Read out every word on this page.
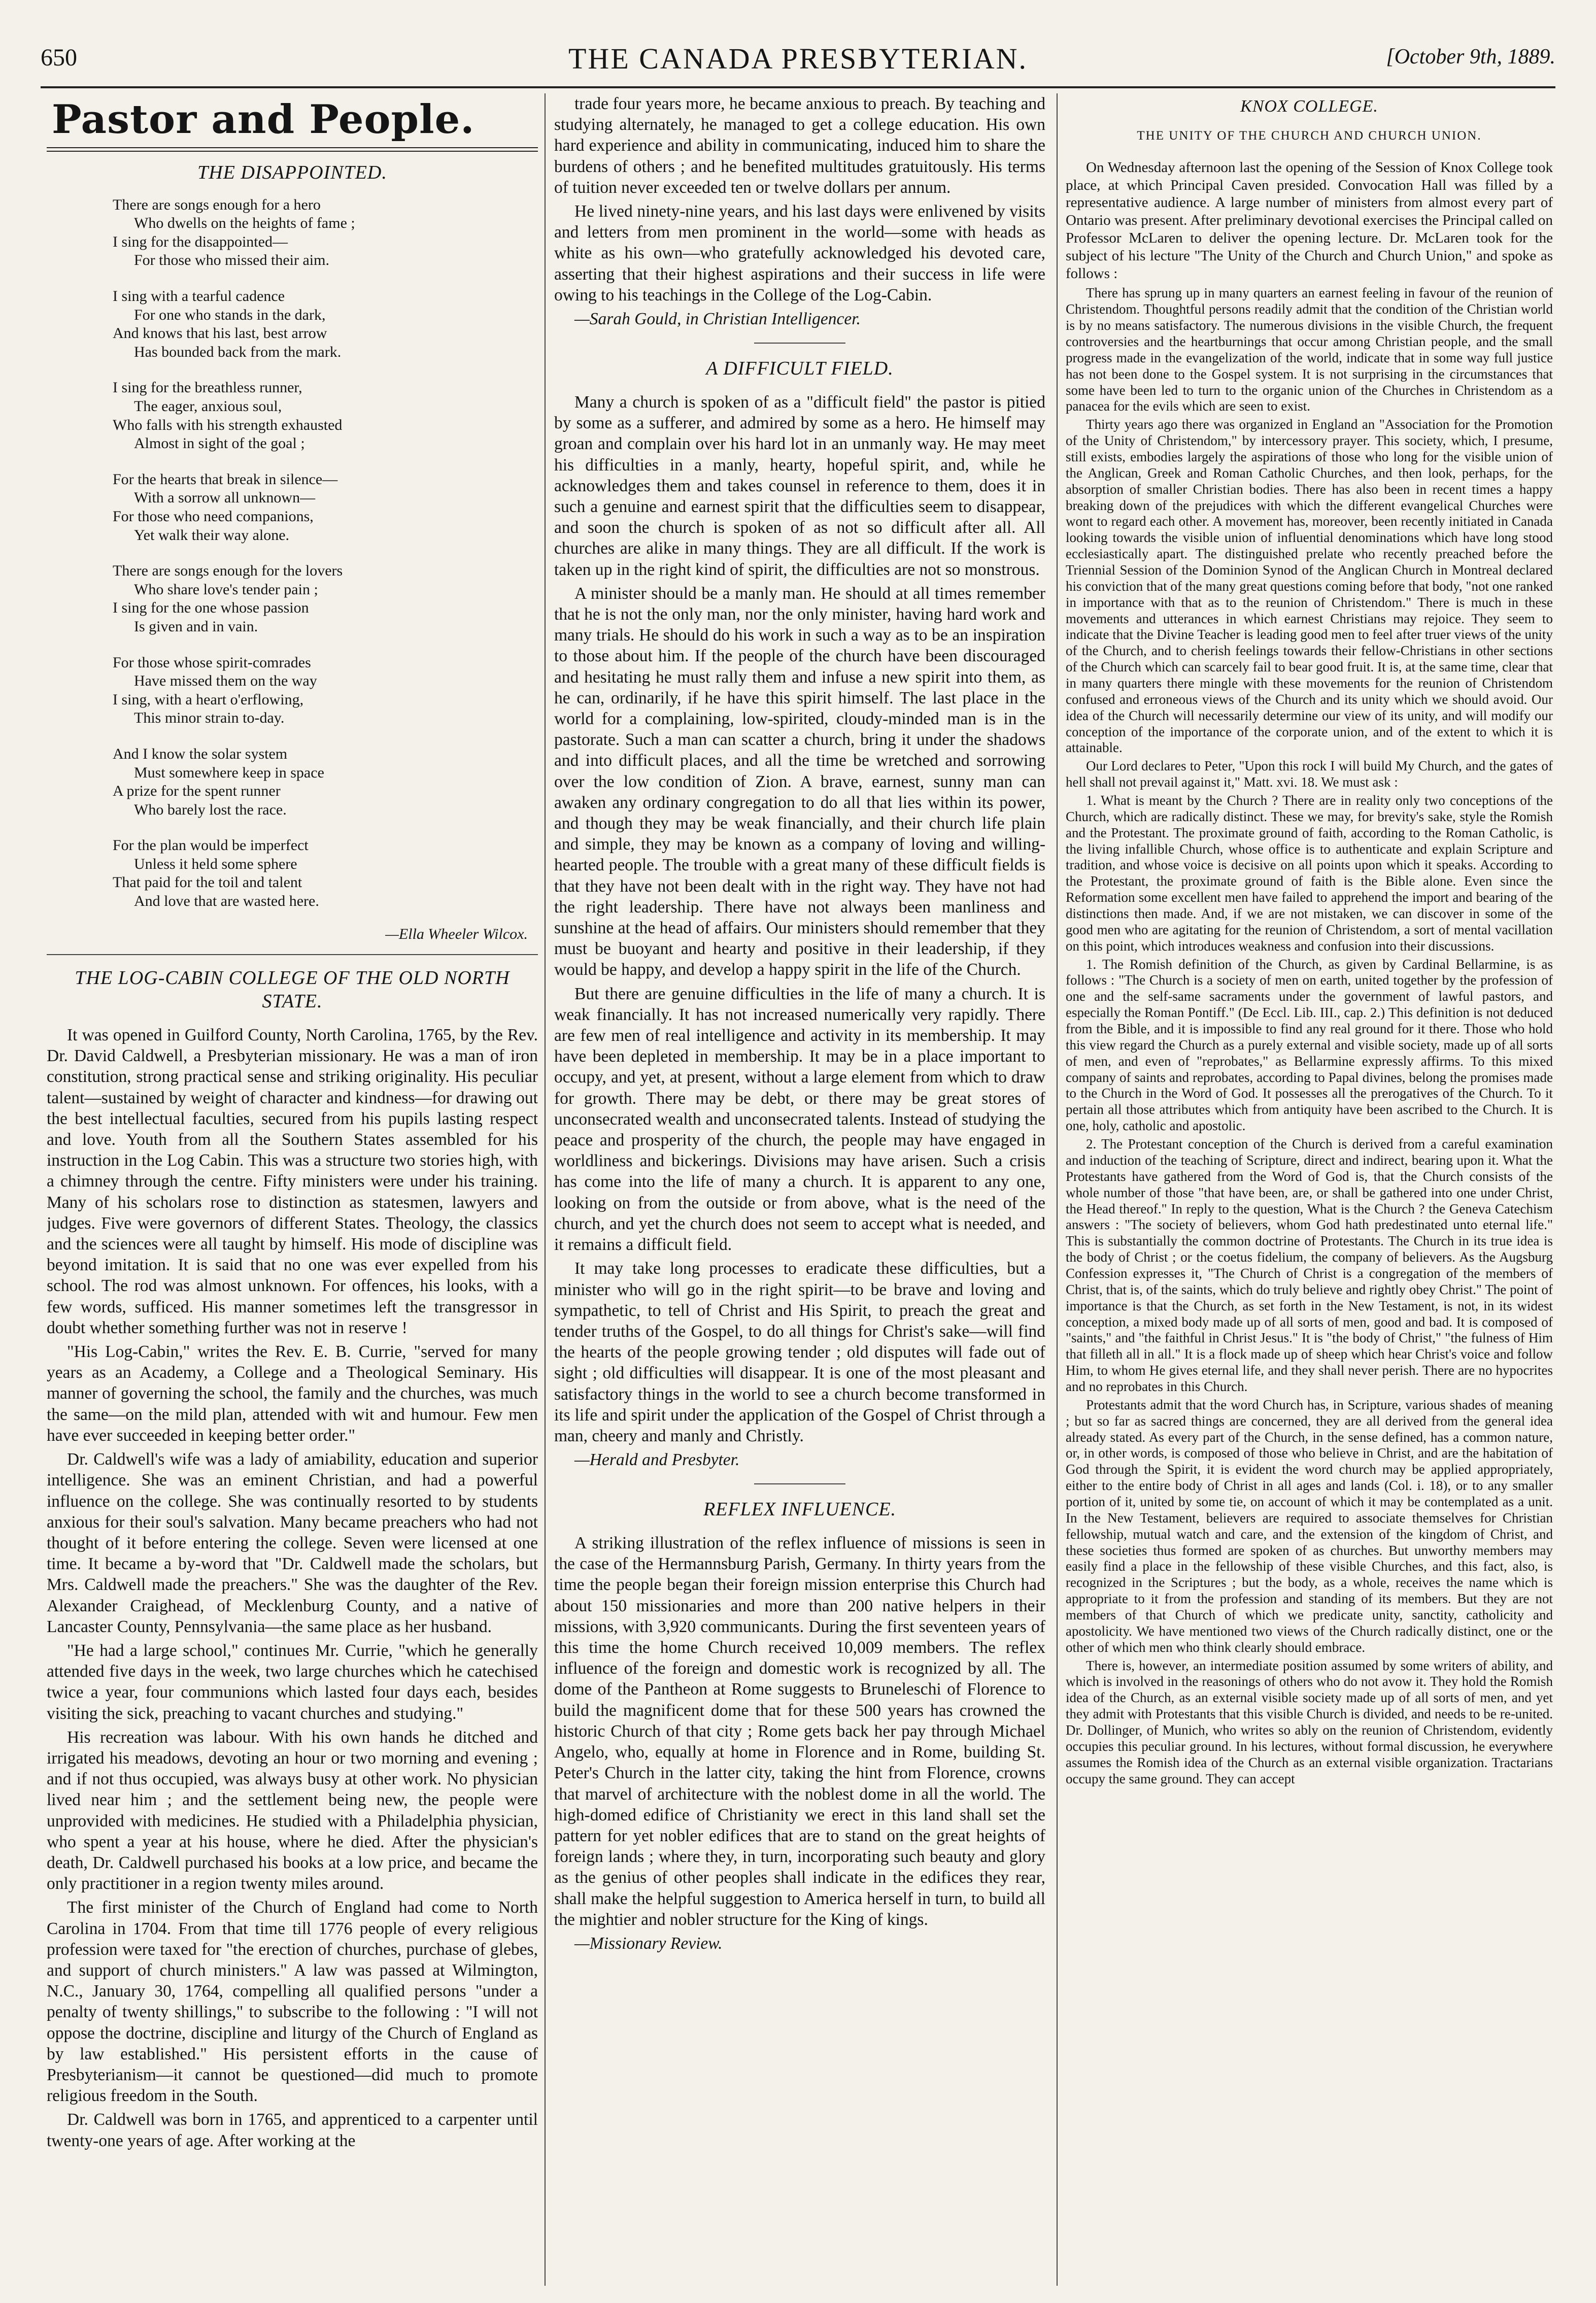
650	THE CANADA PRESBYTERIAN.	[October 9th, 1889.
Pastor and People.
THE DISAPPOINTED.
There are songs enough for a hero
Who dwells on the heights of fame ;
I sing for the disappointed—
For those who missed their aim.
I sing with a tearful cadence
For one who stands in the dark,
And knows that his last, best arrow
Has bounded back from the mark.
I sing for the breathless runner,
The eager, anxious soul,
Who falls with his strength exhausted
Almost in sight of the goal ;
For the hearts that break in silence—
With a sorrow all unknown—
For those who need companions,
Yet walk their way alone.
There are songs enough for the lovers
Who share love's tender pain ;
I sing for the one whose passion
Is given and in vain.
For those whose spirit-comrades
Have missed them on the way
I sing, with a heart o'erflowing,
This minor strain to-day.
And I know the solar system
Must somewhere keep in space
A prize for the spent runner
Who barely lost the race.
For the plan would be imperfect
Unless it held some sphere
That paid for the toil and talent
And love that are wasted here.
—Ella Wheeler Wilcox.
THE LOG-CABIN COLLEGE OF THE OLD NORTH STATE.

It was opened in Guilford County, North Carolina, 1765, by the Rev. Dr. David Caldwell, a Presbyterian missionary. He was a man of iron constitution, strong practical sense and striking originality. His peculiar talent—sustained by weight of character and kindness—for drawing out the best intellectual faculties, secured from his pupils lasting respect and love. Youth from all the Southern States assembled for his instruction in the Log Cabin. This was a structure two stories high, with a chimney through the centre. Fifty ministers were under his training. Many of his scholars rose to distinction as statesmen, lawyers and judges. Five were governors of different States. Theology, the classics and the sciences were all taught by himself. His mode of discipline was beyond imitation. It is said that no one was ever expelled from his school. The rod was almost unknown. For offences, his looks, with a few words, sufficed. His manner sometimes left the transgressor in doubt whether something further was not in reserve !

"His Log-Cabin," writes the Rev. E. B. Currie, "served for many years as an Academy, a College and a Theological Seminary. His manner of governing the school, the family and the churches, was much the same—on the mild plan, attended with wit and humour. Few men have ever succeeded in keeping better order."

Dr. Caldwell's wife was a lady of amiability, education and superior intelligence. She was an eminent Christian, and had a powerful influence on the college. She was continually resorted to by students anxious for their soul's salvation. Many became preachers who had not thought of it before entering the college. Seven were licensed at one time. It became a by-word that "Dr. Caldwell made the scholars, but Mrs. Caldwell made the preachers." She was the daughter of the Rev. Alexander Craighead, of Mecklenburg County, and a native of Lancaster County, Pennsylvania—the same place as her husband.

"He had a large school," continues Mr. Currie, "which he generally attended five days in the week, two large churches which he catechised twice a year, four communions which lasted four days each, besides visiting the sick, preaching to vacant churches and studying."

His recreation was labour. With his own hands he ditched and irrigated his meadows, devoting an hour or two morning and evening ; and if not thus occupied, was always busy at other work. No physician lived near him ; and the settlement being new, the people were unprovided with medicines. He studied with a Philadelphia physician, who spent a year at his house, where he died. After the physician's death, Dr. Caldwell purchased his books at a low price, and became the only practitioner in a region twenty miles around.

The first minister of the Church of England had come to North Carolina in 1704. From that time till 1776 people of every religious profession were taxed for "the erection of churches, purchase of glebes, and support of church ministers." A law was passed at Wilmington, N.C., January 30, 1764, compelling all qualified persons "under a penalty of twenty shillings," to subscribe to the following : "I will not oppose the doctrine, discipline and liturgy of the Church of England as by law established." His persistent efforts in the cause of Presbyterianism—it cannot be questioned—did much to promote religious freedom in the South.

Dr. Caldwell was born in 1765, and apprenticed to a carpenter until twenty-one years of age. After working at the

trade four years more, he became anxious to preach. By teaching and studying alternately, he managed to get a college education. His own hard experience and ability in communicating, induced him to share the burdens of others ; and he benefited multitudes gratuitously. His terms of tuition never exceeded ten or twelve dollars per annum.

He lived ninety-nine years, and his last days were enlivened by visits and letters from men prominent in the world—some with heads as white as his own—who gratefully acknowledged his devoted care, asserting that their highest aspirations and their success in life were owing to his teachings in the College of the Log-Cabin.

—Sarah Gould, in Christian Intelligencer.

A DIFFICULT FIELD.

Many a church is spoken of as a "difficult field" the pastor is pitied by some as a sufferer, and admired by some as a hero. He himself may groan and complain over his hard lot in an unmanly way. He may meet his difficulties in a manly, hearty, hopeful spirit, and, while he acknowledges them and takes counsel in reference to them, does it in such a genuine and earnest spirit that the difficulties seem to disappear, and soon the church is spoken of as not so difficult after all. All churches are alike in many things. They are all difficult. If the work is taken up in the right kind of spirit, the difficulties are not so monstrous.

A minister should be a manly man. He should at all times remember that he is not the only man, nor the only minister, having hard work and many trials. He should do his work in such a way as to be an inspiration to those about him. If the people of the church have been discouraged and hesitating he must rally them and infuse a new spirit into them, as he can, ordinarily, if he have this spirit himself. The last place in the world for a complaining, low-spirited, cloudy-minded man is in the pastorate. Such a man can scatter a church, bring it under the shadows and into difficult places, and all the time be wretched and sorrowing over the low condition of Zion. A brave, earnest, sunny man can awaken any ordinary congregation to do all that lies within its power, and though they may be weak financially, and their church life plain and simple, they may be known as a company of loving and willing-hearted people. The trouble with a great many of these difficult fields is that they have not been dealt with in the right way. They have not had the right leadership. There have not always been manliness and sunshine at the head of affairs. Our ministers should remember that they must be buoyant and hearty and positive in their leadership, if they would be happy, and develop a happy spirit in the life of the Church.

But there are genuine difficulties in the life of many a church. It is weak financially. It has not increased numerically very rapidly. There are few men of real intelligence and activity in its membership. It may have been depleted in membership. It may be in a place important to occupy, and yet, at present, without a large element from which to draw for growth. There may be debt, or there may be great stores of unconsecrated wealth and unconsecrated talents. Instead of studying the peace and prosperity of the church, the people may have engaged in worldliness and bickerings. Divisions may have arisen. Such a crisis has come into the life of many a church. It is apparent to any one, looking on from the outside or from above, what is the need of the church, and yet the church does not seem to accept what is needed, and it remains a difficult field.

It may take long processes to eradicate these difficulties, but a minister who will go in the right spirit—to be brave and loving and sympathetic, to tell of Christ and His Spirit, to preach the great and tender truths of the Gospel, to do all things for Christ's sake—will find the hearts of the people growing tender ; old disputes will fade out of sight ; old difficulties will disappear. It is one of the most pleasant and satisfactory things in the world to see a church become transformed in its life and spirit under the application of the Gospel of Christ through a man, cheery and manly and Christly.

—Herald and Presbyter.

REFLEX INFLUENCE.

A striking illustration of the reflex influence of missions is seen in the case of the Hermannsburg Parish, Germany. In thirty years from the time the people began their foreign mission enterprise this Church had about 150 missionaries and more than 200 native helpers in their missions, with 3,920 communicants. During the first seventeen years of this time the home Church received 10,009 members. The reflex influence of the foreign and domestic work is recognized by all. The dome of the Pantheon at Rome suggests to Bruneleschi of Florence to build the magnificent dome that for these 500 years has crowned the historic Church of that city ; Rome gets back her pay through Michael Angelo, who, equally at home in Florence and in Rome, building St. Peter's Church in the latter city, taking the hint from Florence, crowns that marvel of architecture with the noblest dome in all the world. The high-domed edifice of Christianity we erect in this land shall set the pattern for yet nobler edifices that are to stand on the great heights of foreign lands ; where they, in turn, incorporating such beauty and glory as the genius of other peoples shall indicate in the edifices they rear, shall make the helpful suggestion to America herself in turn, to build all the mightier and nobler structure for the King of kings.

—Missionary Review.

KNOX COLLEGE.
THE UNITY OF THE CHURCH AND CHURCH UNION.

On Wednesday afternoon last the opening of the Session of Knox College took place, at which Principal Caven presided. Convocation Hall was filled by a representative audience. A large number of ministers from almost every part of Ontario was present. After preliminary devotional exercises the Principal called on Professor McLaren to deliver the opening lecture. Dr. McLaren took for the subject of his lecture "The Unity of the Church and Church Union," and spoke as follows :

There has sprung up in many quarters an earnest feeling in favour of the reunion of Christendom. Thoughtful persons readily admit that the condition of the Christian world is by no means satisfactory. The numerous divisions in the visible Church, the frequent controversies and the heartburnings that occur among Christian people, and the small progress made in the evangelization of the world, indicate that in some way full justice has not been done to the Gospel system. It is not surprising in the circumstances that some have been led to turn to the organic union of the Churches in Christendom as a panacea for the evils which are seen to exist.

Thirty years ago there was organized in England an "Association for the Promotion of the Unity of Christendom," by intercessory prayer. This society, which, I presume, still exists, embodies largely the aspirations of those who long for the visible union of the Anglican, Greek and Roman Catholic Churches, and then look, perhaps, for the absorption of smaller Christian bodies. There has also been in recent times a happy breaking down of the prejudices with which the different evangelical Churches were wont to regard each other. A movement has, moreover, been recently initiated in Canada looking towards the visible union of influential denominations which have long stood ecclesiastically apart. The distinguished prelate who recently preached before the Triennial Session of the Dominion Synod of the Anglican Church in Montreal declared his conviction that of the many great questions coming before that body, "not one ranked in importance with that as to the reunion of Christendom." There is much in these movements and utterances in which earnest Christians may rejoice. They seem to indicate that the Divine Teacher is leading good men to feel after truer views of the unity of the Church, and to cherish feelings towards their fellow-Christians in other sections of the Church which can scarcely fail to bear good fruit. It is, at the same time, clear that in many quarters there mingle with these movements for the reunion of Christendom confused and erroneous views of the Church and its unity which we should avoid. Our idea of the Church will necessarily determine our view of its unity, and will modify our conception of the importance of the corporate union, and of the extent to which it is attainable.

Our Lord declares to Peter, "Upon this rock I will build My Church, and the gates of hell shall not prevail against it," Matt. xvi. 18. We must ask :

1. What is meant by the Church ? There are in reality only two conceptions of the Church, which are radically distinct. These we may, for brevity's sake, style the Romish and the Protestant. The proximate ground of faith, according to the Roman Catholic, is the living infallible Church, whose office is to authenticate and explain Scripture and tradition, and whose voice is decisive on all points upon which it speaks. According to the Protestant, the proximate ground of faith is the Bible alone. Even since the Reformation some excellent men have failed to apprehend the import and bearing of the distinctions then made. And, if we are not mistaken, we can discover in some of the good men who are agitating for the reunion of Christendom, a sort of mental vacillation on this point, which introduces weakness and confusion into their discussions.

1. The Romish definition of the Church, as given by Cardinal Bellarmine, is as follows : "The Church is a society of men on earth, united together by the profession of one and the self-same sacraments under the government of lawful pastors, and especially the Roman Pontiff." (De Eccl. Lib. III., cap. 2.) This definition is not deduced from the Bible, and it is impossible to find any real ground for it there. Those who hold this view regard the Church as a purely external and visible society, made up of all sorts of men, and even of "reprobates," as Bellarmine expressly affirms. To this mixed company of saints and reprobates, according to Papal divines, belong the promises made to the Church in the Word of God. It possesses all the prerogatives of the Church. To it pertain all those attributes which from antiquity have been ascribed to the Church. It is one, holy, catholic and apostolic.

2. The Protestant conception of the Church is derived from a careful examination and induction of the teaching of Scripture, direct and indirect, bearing upon it. What the Protestants have gathered from the Word of God is, that the Church consists of the whole number of those "that have been, are, or shall be gathered into one under Christ, the Head thereof." In reply to the question, What is the Church ? the Geneva Catechism answers : "The society of believers, whom God hath predestinated unto eternal life." This is substantially the common doctrine of Protestants. The Church in its true idea is the body of Christ ; or the coetus fidelium, the company of believers. As the Augsburg Confession expresses it, "The Church of Christ is a congregation of the members of Christ, that is, of the saints, which do truly believe and rightly obey Christ." The point of importance is that the Church, as set forth in the New Testament, is not, in its widest conception, a mixed body made up of all sorts of men, good and bad. It is composed of "saints," and "the faithful in Christ Jesus." It is "the body of Christ," "the fulness of Him that filleth all in all." It is a flock made up of sheep which hear Christ's voice and follow Him, to whom He gives eternal life, and they shall never perish. There are no hypocrites and no reprobates in this Church.

Protestants admit that the word Church has, in Scripture, various shades of meaning ; but so far as sacred things are concerned, they are all derived from the general idea already stated. As every part of the Church, in the sense defined, has a common nature, or, in other words, is composed of those who believe in Christ, and are the habitation of God through the Spirit, it is evident the word church may be applied appropriately, either to the entire body of Christ in all ages and lands (Col. i. 18), or to any smaller portion of it, united by some tie, on account of which it may be contemplated as a unit. In the New Testament, believers are required to associate themselves for Christian fellowship, mutual watch and care, and the extension of the kingdom of Christ, and these societies thus formed are spoken of as churches. But unworthy members may easily find a place in the fellowship of these visible Churches, and this fact, also, is recognized in the Scriptures ; but the body, as a whole, receives the name which is appropriate to it from the profession and standing of its members. But they are not members of that Church of which we predicate unity, sanctity, catholicity and apostolicity. We have mentioned two views of the Church radically distinct, one or the other of which men who think clearly should embrace.

There is, however, an intermediate position assumed by some writers of ability, and which is involved in the reasonings of others who do not avow it. They hold the Romish idea of the Church, as an external visible society made up of all sorts of men, and yet they admit with Protestants that this visible Church is divided, and needs to be re-united. Dr. Dollinger, of Munich, who writes so ably on the reunion of Christendom, evidently occupies this peculiar ground. In his lectures, without formal discussion, he everywhere assumes the Romish idea of the Church as an external visible organization. Tractarians occupy the same ground. They can accept
